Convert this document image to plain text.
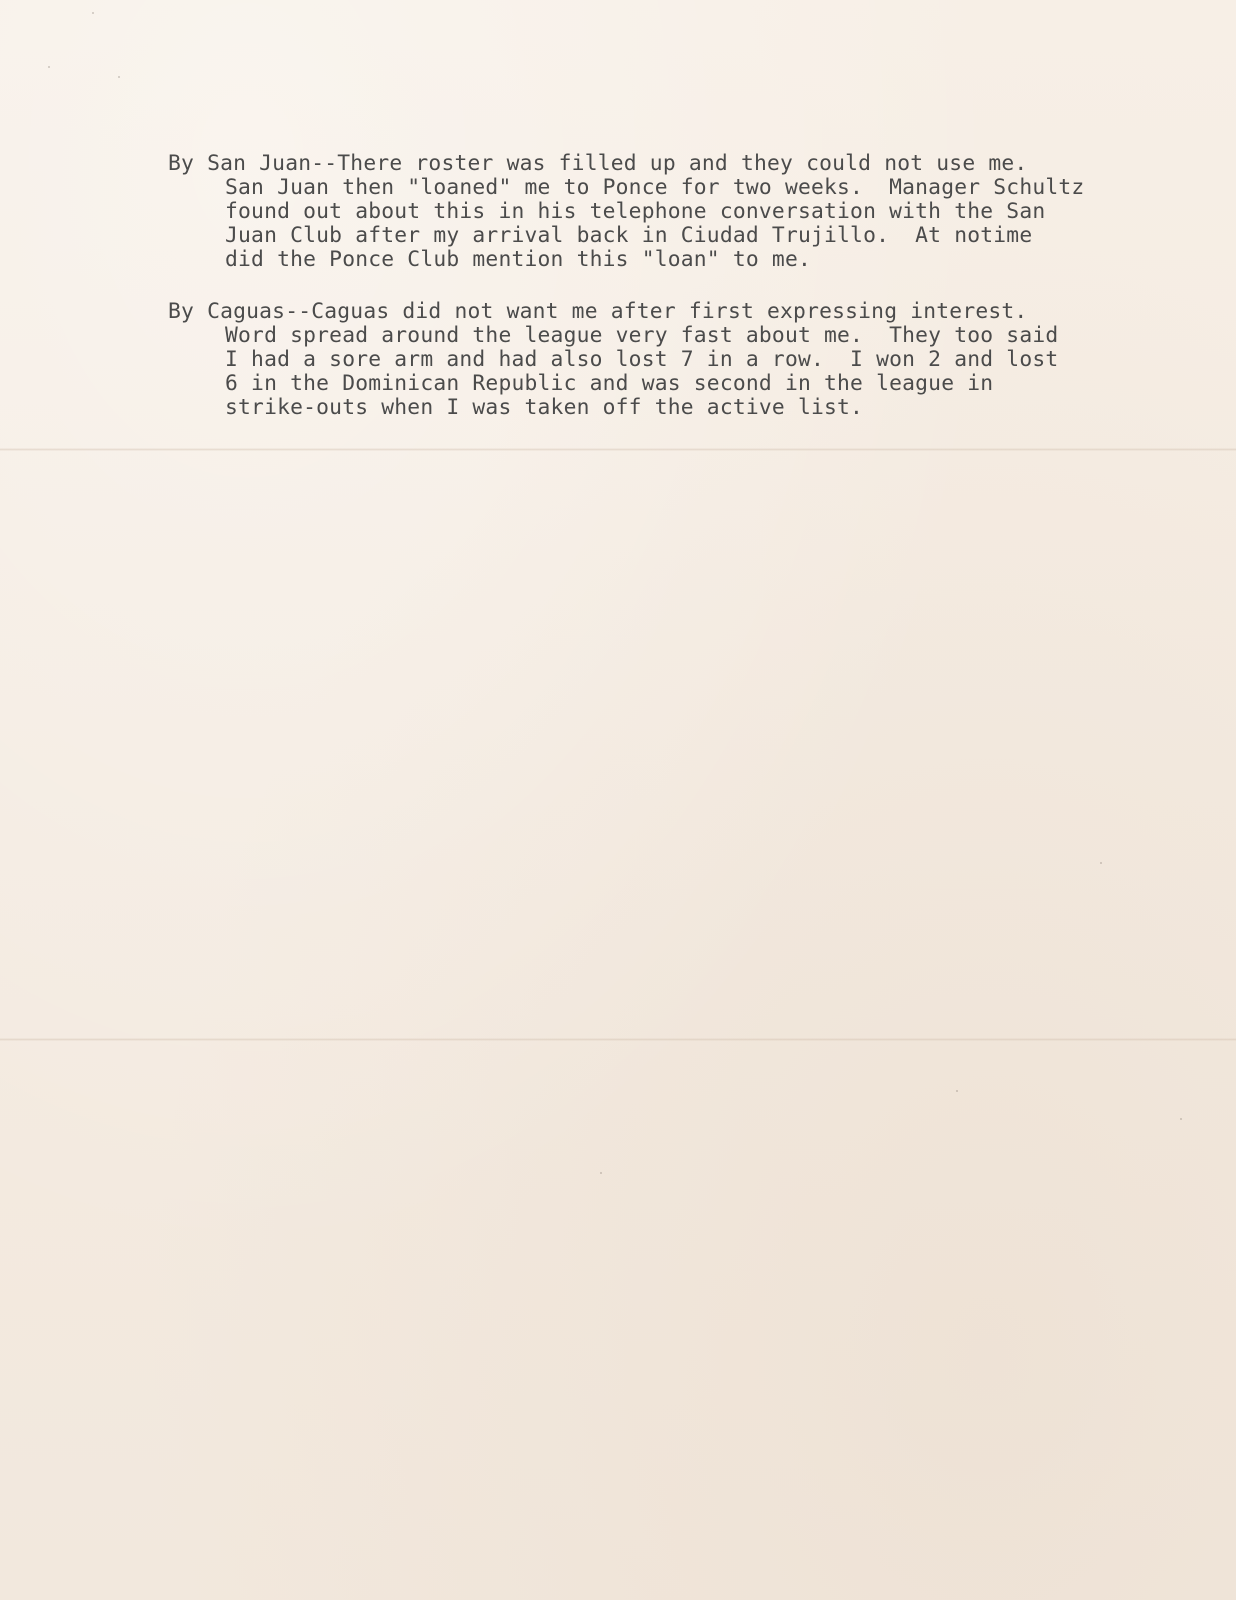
By San Juan--There roster was filled up and they could not use me.
San Juan then "loaned" me to Ponce for two weeks.  Manager Schultz
found out about this in his telephone conversation with the San
Juan Club after my arrival back in Ciudad Trujillo.  At notime
did the Ponce Club mention this "loan" to me.
By Caguas--Caguas did not want me after first expressing interest.
Word spread around the league very fast about me.  They too said
I had a sore arm and had also lost 7 in a row.  I won 2 and lost
6 in the Dominican Republic and was second in the league in
strike-outs when I was taken off the active list.
